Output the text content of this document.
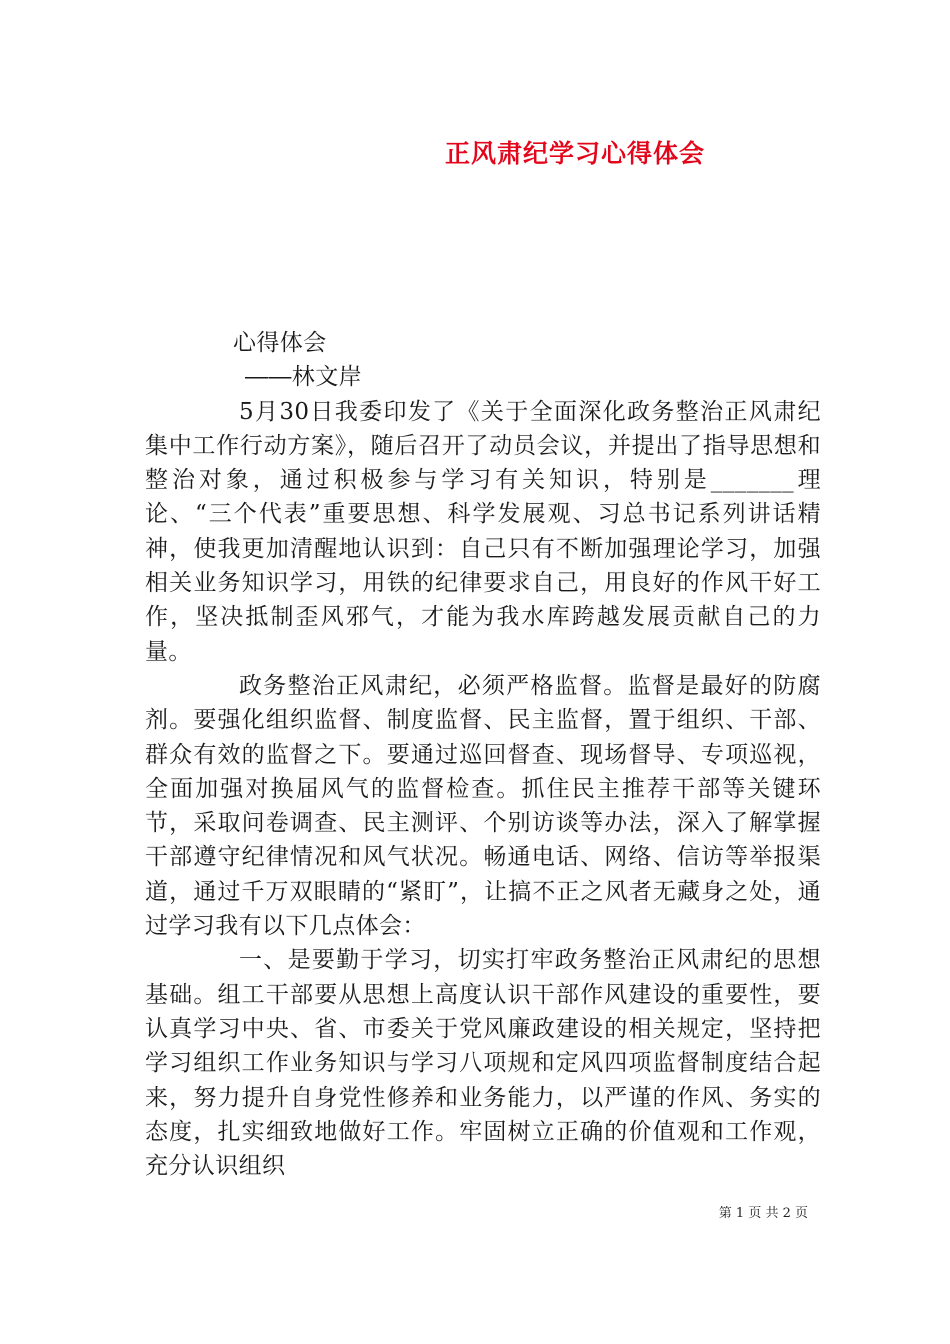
正风肃纪学习心得体会

心得体会

――林文岸

5月30日我委印发了《关于全面深化政务整治正风肃纪集中工作行动方案》，随后召开了动员会议，并提出了指导思想和整治对象，通过积极参与学习有关知识，特别是_______理论、“三个代表”重要思想、科学发展观、习总书记系列讲话精神，使我更加清醒地认识到：自己只有不断加强理论学习，加强相关业务知识学习，用铁的纪律要求自己，用良好的作风干好工作，坚决抵制歪风邪气，才能为我水库跨越发展贡献自己的力量。

政务整治正风肃纪，必须严格监督。监督是最好的防腐剂。要强化组织监督、制度监督、民主监督，置于组织、干部、群众有效的监督之下。要通过巡回督查、现场督导、专项巡视，全面加强对换届风气的监督检查。抓住民主推荐干部等关键环节，采取问卷调查、民主测评、个别访谈等办法，深入了解掌握干部遵守纪律情况和风气状况。畅通电话、网络、信访等举报渠道，通过千万双眼睛的“紧盯”，让搞不正之风者无藏身之处，通过学习我有以下几点体会：

一、是要勤于学习，切实打牢政务整治正风肃纪的思想基础。组工干部要从思想上高度认识干部作风建设的重要性，要认真学习中央、省、市委关于党风廉政建设的相关规定，坚持把学习组织工作业务知识与学习八项规和定风四项监督制度结合起来，努力提升自身党性修养和业务能力，以严谨的作风、务实的态度，扎实细致地做好工作。牢固树立正确的价值观和工作观，充分认识组织

第 1 页 共 2 页
